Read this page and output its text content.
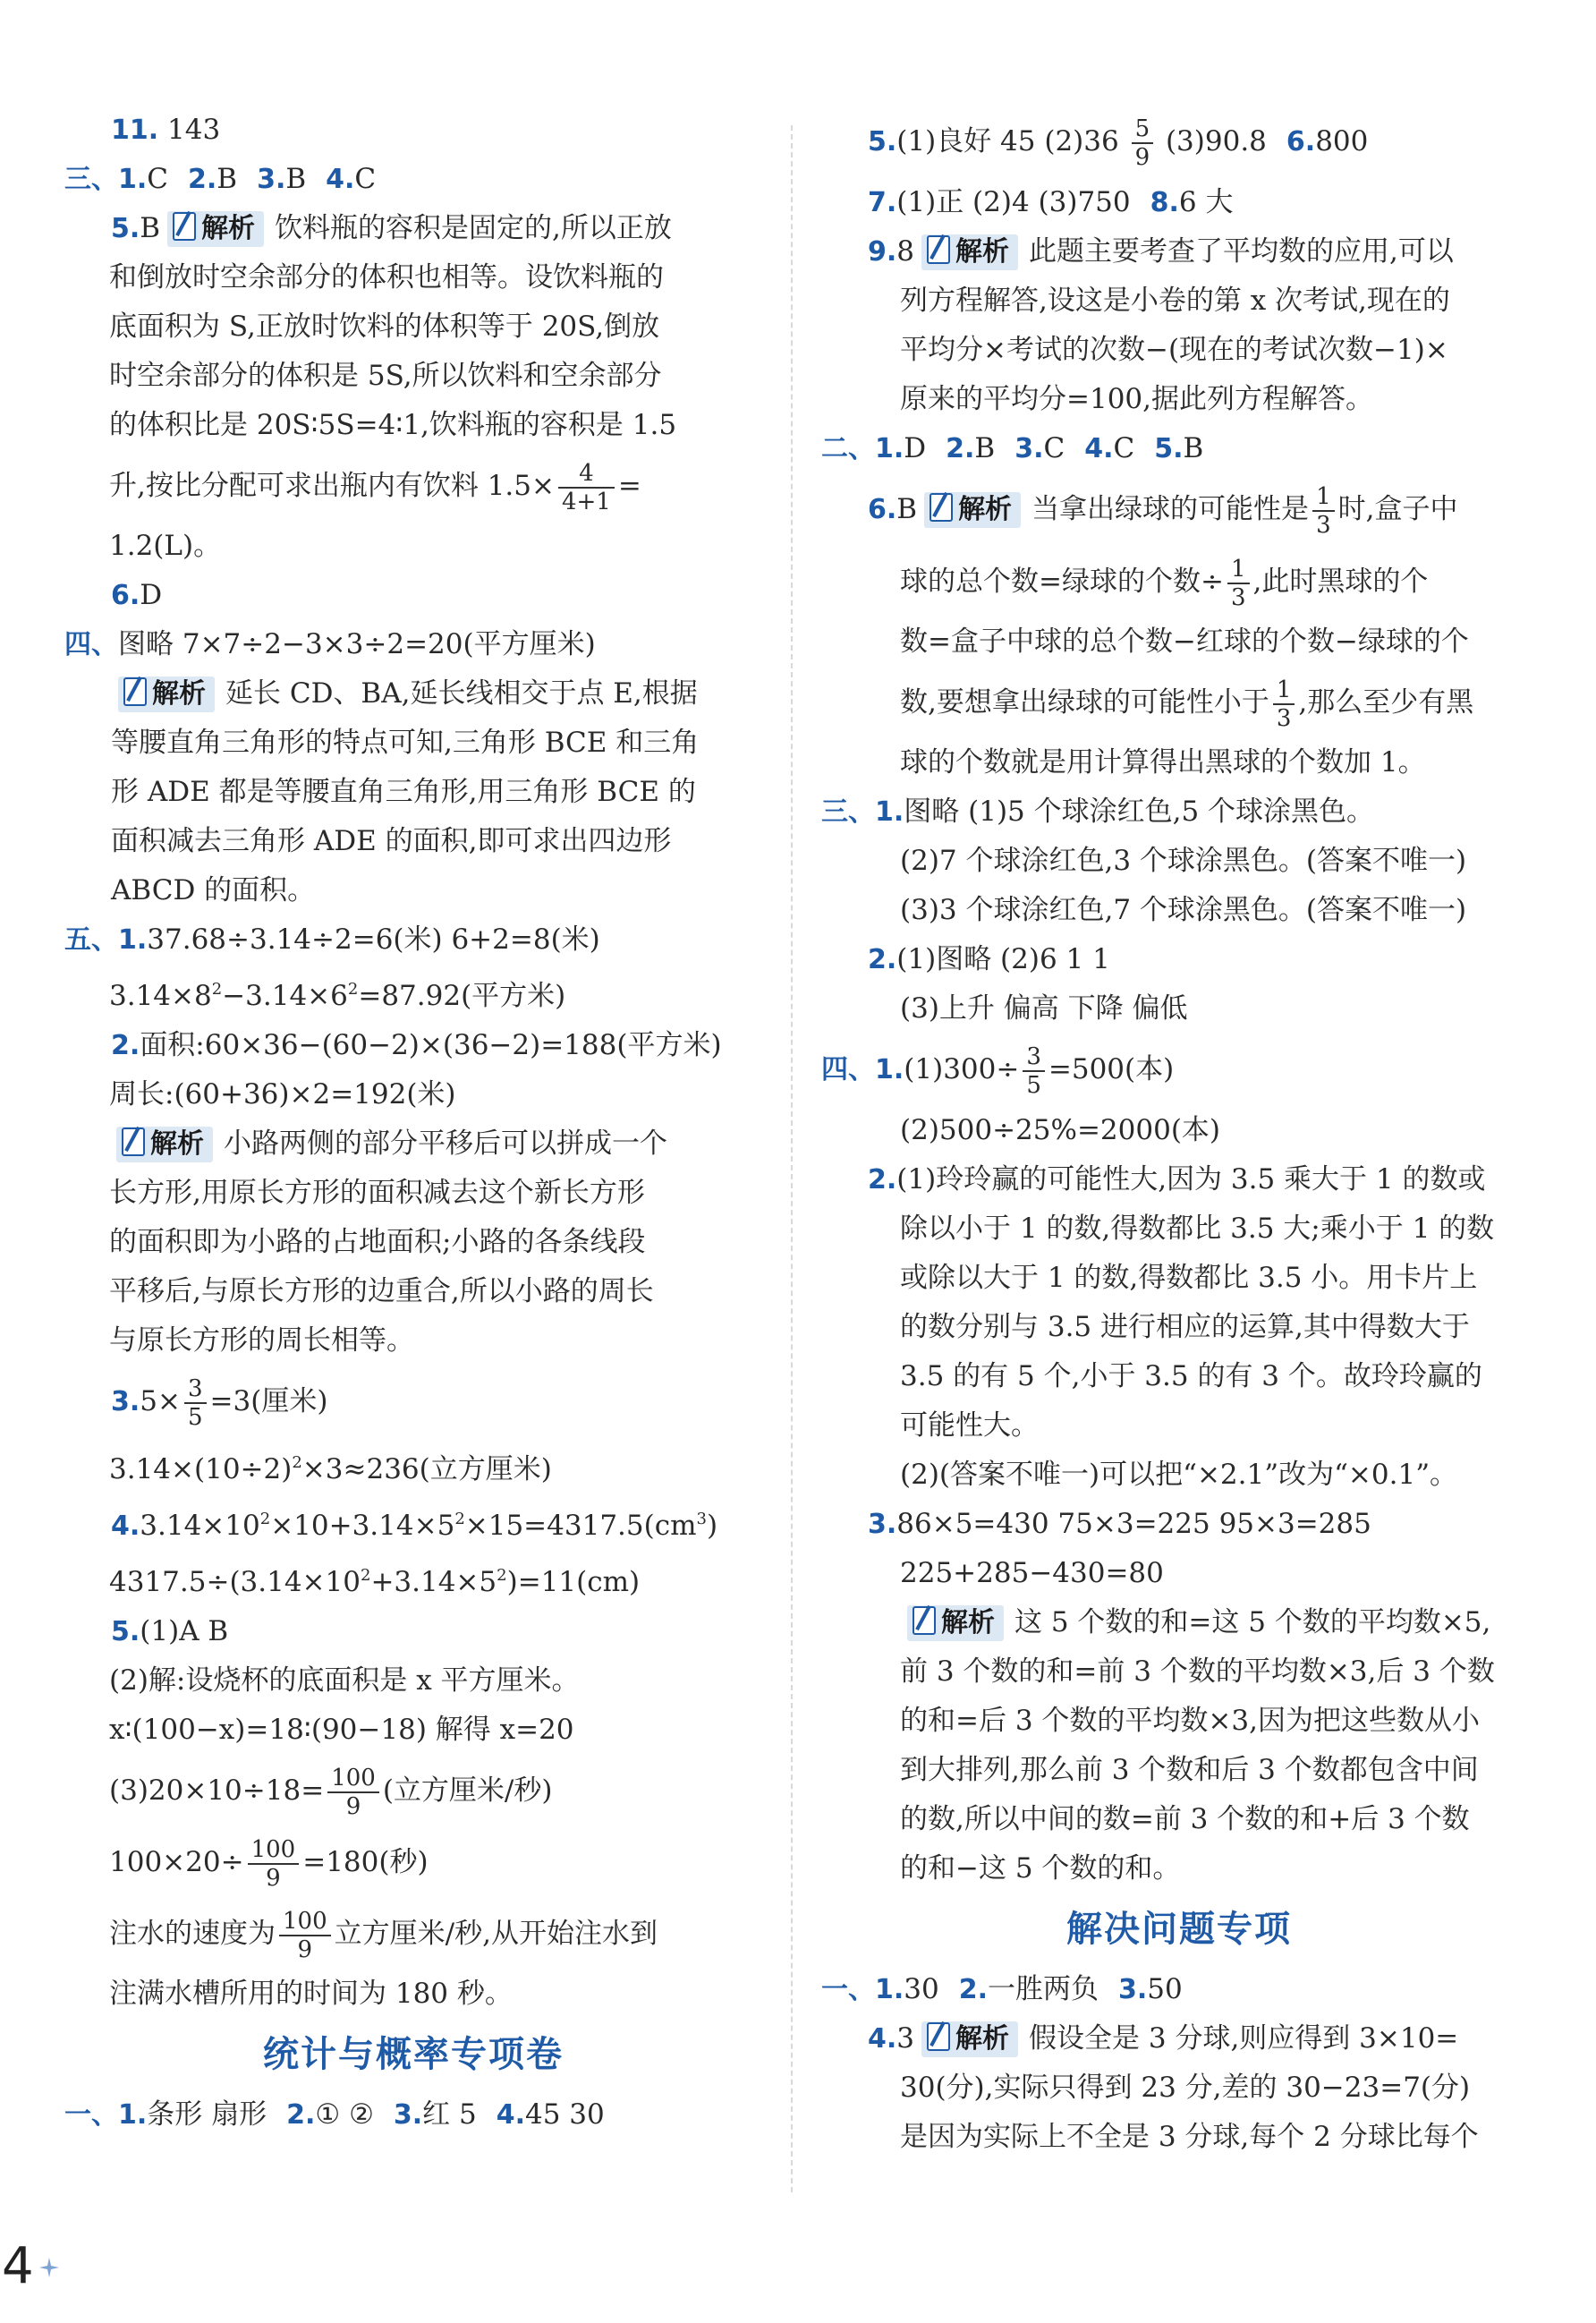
11. 143
三、1.C 2.B 3.B 4.C
5.B 解析 饮料瓶的容积是固定的,所以正放
和倒放时空余部分的体积也相等。设饮料瓶的
底面积为 S,正放时饮料的体积等于 20S,倒放
时空余部分的体积是 5S,所以饮料和空余部分
的体积比是 20S∶5S=4∶1,饮料瓶的容积是 1.5
升,按比分配可求出瓶内有饮料 $1.5\times \frac{4}{4+1}$ =
1.2(L)。
6.D
四、图略 7×7÷2−3×3÷2=20(平方厘米)
解析 延长 CD、BA,延长线相交于点 E,根据
等腰直角三角形的特点可知,三角形 BCE 和三角
形 ADE 都是等腰直角三角形,用三角形 BCE 的
面积减去三角形 ADE 的面积,即可求出四边形
ABCD 的面积。
五、1.37.68÷3.14÷2=6(米) 6+2=8(米)
$3.14\times 8^2-3.14\times 6^2=87.92$(平方米)
2.面积:60×36−(60−2)×(36−2)=188(平方米)
周长:(60+36)×2=192(米)
解析 小路两侧的部分平移后可以拼成一个
长方形,用原长方形的面积减去这个新长方形
的面积即为小路的占地面积;小路的各条线段
平移后,与原长方形的边重合,所以小路的周长
与原长方形的周长相等。
$3.5\times \frac{3}{5} =3$(厘米)
$3.14\times(10\div 2)^2\times 3\approx 236$(立方厘米)
$4.3.14\times 10^2\times 10+3.14\times 5^2\times 15=4317.5(cm^3)$
$4317.5\div(3.14\times 10^2+3.14\times 5^2)=11(cm)$
5.(1)A B
(2)解:设烧杯的底面积是 x 平方厘米。
x∶(100−x)=18∶(90−18) 解得 x=20
$(3)20\times 10\div 18= \frac{100}{9}$ (立方厘米/秒)
$100\times 20\div \frac{100}{9} =180$(秒)
注水的速度为 $\frac{100}{9}$ 立方厘米/秒,从开始注水到
注满水槽所用的时间为 180 秒。
统计与概率专项卷
一、1.条形 扇形 2.① ② 3.红 5 4.45 30
5.(1)良好 45 $(2)36 \frac{5}{9} (3)90.8$ 6.800
7.(1)正 (2)4 (3)750 8.6 大
9.8 解析 此题主要考查了平均数的应用,可以
列方程解答,设这是小卷的第 x 次考试,现在的
平均分×考试的次数−(现在的考试次数−1)×
原来的平均分=100,据此列方程解答。
二、1.D 2.B 3.C 4.C 5.B
6.B 解析 当拿出绿球的可能性是 $\frac{1}{3}$ 时,盒子中
球的总个数=绿球的个数÷ $\frac{1}{3}$ ,此时黑球的个
数=盒子中球的总个数−红球的个数−绿球的个
数,要想拿出绿球的可能性小于 $\frac{1}{3}$ ,那么至少有黑
球的个数就是用计算得出黑球的个数加 1。
三、1.图略 (1)5 个球涂红色,5 个球涂黑色。
(2)7 个球涂红色,3 个球涂黑色。(答案不唯一)
(3)3 个球涂红色,7 个球涂黑色。(答案不唯一)
2.(1)图略 (2)6 1 1
(3)上升 偏高 下降 偏低
四、$1.(1)300\div \frac{3}{5} =500$(本)
(2)500÷25%=2000(本)
2.(1)玲玲赢的可能性大,因为 3.5 乘大于 1 的数或
除以小于 1 的数,得数都比 3.5 大;乘小于 1 的数
或除以大于 1 的数,得数都比 3.5 小。用卡片上
的数分别与 3.5 进行相应的运算,其中得数大于
3.5 的有 5 个,小于 3.5 的有 3 个。故玲玲赢的
可能性大。
(2)(答案不唯一)可以把“×2.1”改为“×0.1”。
3.86×5=430 75×3=225 95×3=285
225+285−430=80
解析 这 5 个数的和=这 5 个数的平均数×5,
前 3 个数的和=前 3 个数的平均数×3,后 3 个数
的和=后 3 个数的平均数×3,因为把这些数从小
到大排列,那么前 3 个数和后 3 个数都包含中间
的数,所以中间的数=前 3 个数的和+后 3 个数
的和−这 5 个数的和。
解决问题专项
一、1.30 2.一胜两负 3.50
4.3 解析 假设全是 3 分球,则应得到 3×10=
30(分),实际只得到 23 分,差的 30−23=7(分)
是因为实际上不全是 3 分球,每个 2 分球比每个
4
